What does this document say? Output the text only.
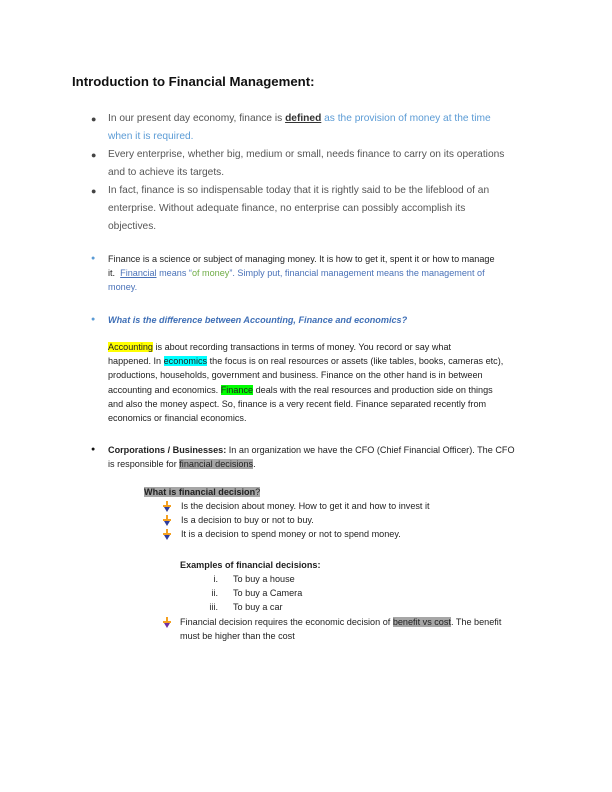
Introduction to Financial Management:
● In our present day economy, finance is defined as the provision of money at the time
when it is required.
● Every enterprise, whether big, medium or small, needs finance to carry on its operations
and to achieve its targets.
● In fact, finance is so indispensable today that it is rightly said to be the lifeblood of an
enterprise. Without adequate finance, no enterprise can possibly accomplish its
objectives.
● Finance is a science or subject of managing money. It is how to get it, spent it or how to manage
it.  Financial means “of money”. Simply put, financial management means the management of
money.
● What is the difference between Accounting, Finance and economics?
Accounting is about recording transactions in terms of money. You record or say what
happened. In economics the focus is on real resources or assets (like tables, books, cameras etc),
productions, households, government and business. Finance on the other hand is in between
accounting and economics. Finance deals with the real resources and production side on things
and also the money aspect. So, finance is a very recent field. Finance separated recently from
economics or financial economics.
● Corporations / Businesses: In an organization we have the CFO (Chief Financial Officer). The CFO
is responsible for financial decisions.
What is financial decision?
Is the decision about money. How to get it and how to invest it
Is a decision to buy or not to buy.
It is a decision to spend money or not to spend money.
Examples of financial decisions:
i. To buy a house
ii. To buy a Camera
iii. To buy a car
Financial decision requires the economic decision of benefit vs cost. The benefit
must be higher than the cost
